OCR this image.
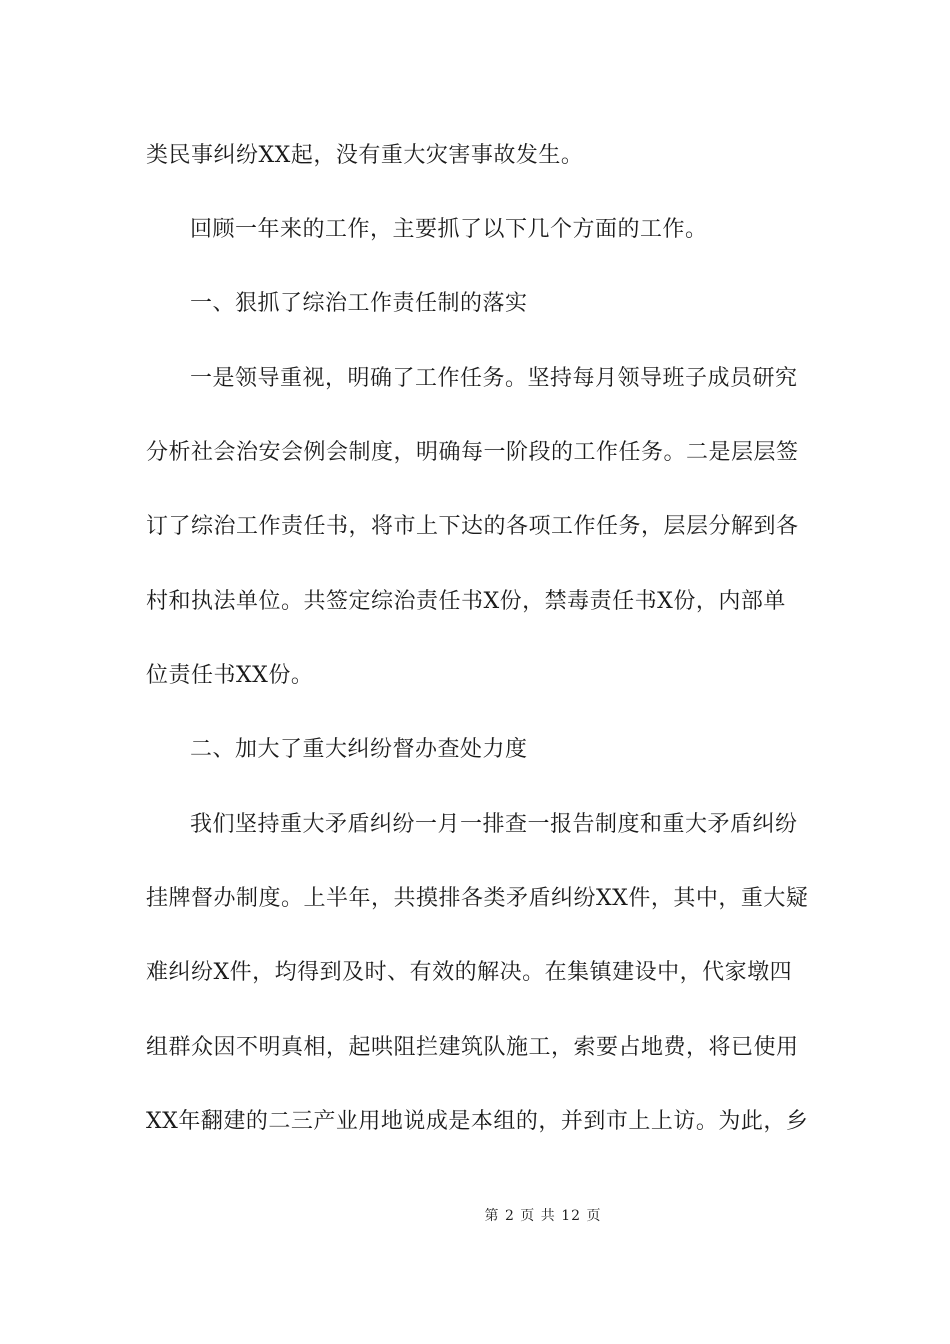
类民事纠纷XX起，没有重大灾害事故发生。
回顾一年来的工作，主要抓了以下几个方面的工作。
一、狠抓了综治工作责任制的落实
一是领导重视，明确了工作任务。坚持每月领导班子成员研究
分析社会治安会例会制度，明确每一阶段的工作任务。二是层层签
订了综治工作责任书，将市上下达的各项工作任务，层层分解到各
村和执法单位。共签定综治责任书X份，禁毒责任书X份，内部单
位责任书XX份。
二、加大了重大纠纷督办查处力度
我们坚持重大矛盾纠纷一月一排查一报告制度和重大矛盾纠纷
挂牌督办制度。上半年，共摸排各类矛盾纠纷XX件，其中，重大疑
难纠纷X件，均得到及时、有效的解决。在集镇建设中，代家墩四
组群众因不明真相，起哄阻拦建筑队施工，索要占地费，将已使用
XX年翻建的二三产业用地说成是本组的，并到市上上访。为此，乡
第 2 页 共 12 页
